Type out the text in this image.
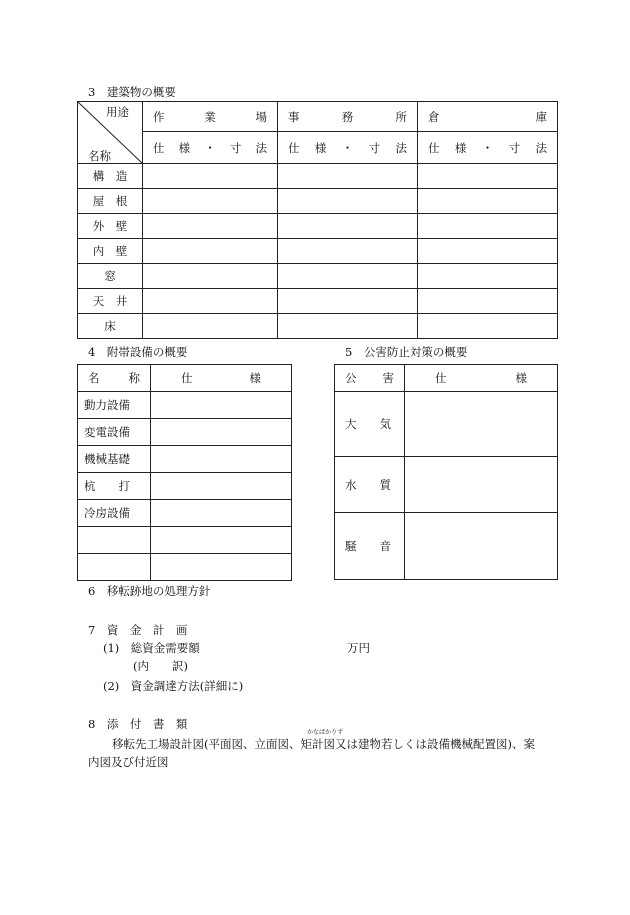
3　建築物の概要
用途
名称	作 業 場	事 務 所	倉 庫

	仕 様 ・ 寸 法	仕 様 ・ 寸 法	仕 様 ・ 寸 法

構　造			
屋　根			
外　壁			
内　壁			
窓			
天　井			
床			
4　附帯設備の概要
名 称	仕 様

動力設備	
変電設備	
機械基礎	
杭　　打	
冷房設備	

5　公害防止対策の概要
公 害	仕 様

大　　気	
水　　質	
騒　　音	
6　移転跡地の処理方針
7　資　金　計　画
(1)　総資金需要額	万円
(内　　訳)
(2)　資金調達方法(詳細に)
8　添　付　書　類
かなばかりず
移転先工場設計図(平面図、立面図、矩計図又は建物若しくは設備機械配置図)、案
内図及び付近図
